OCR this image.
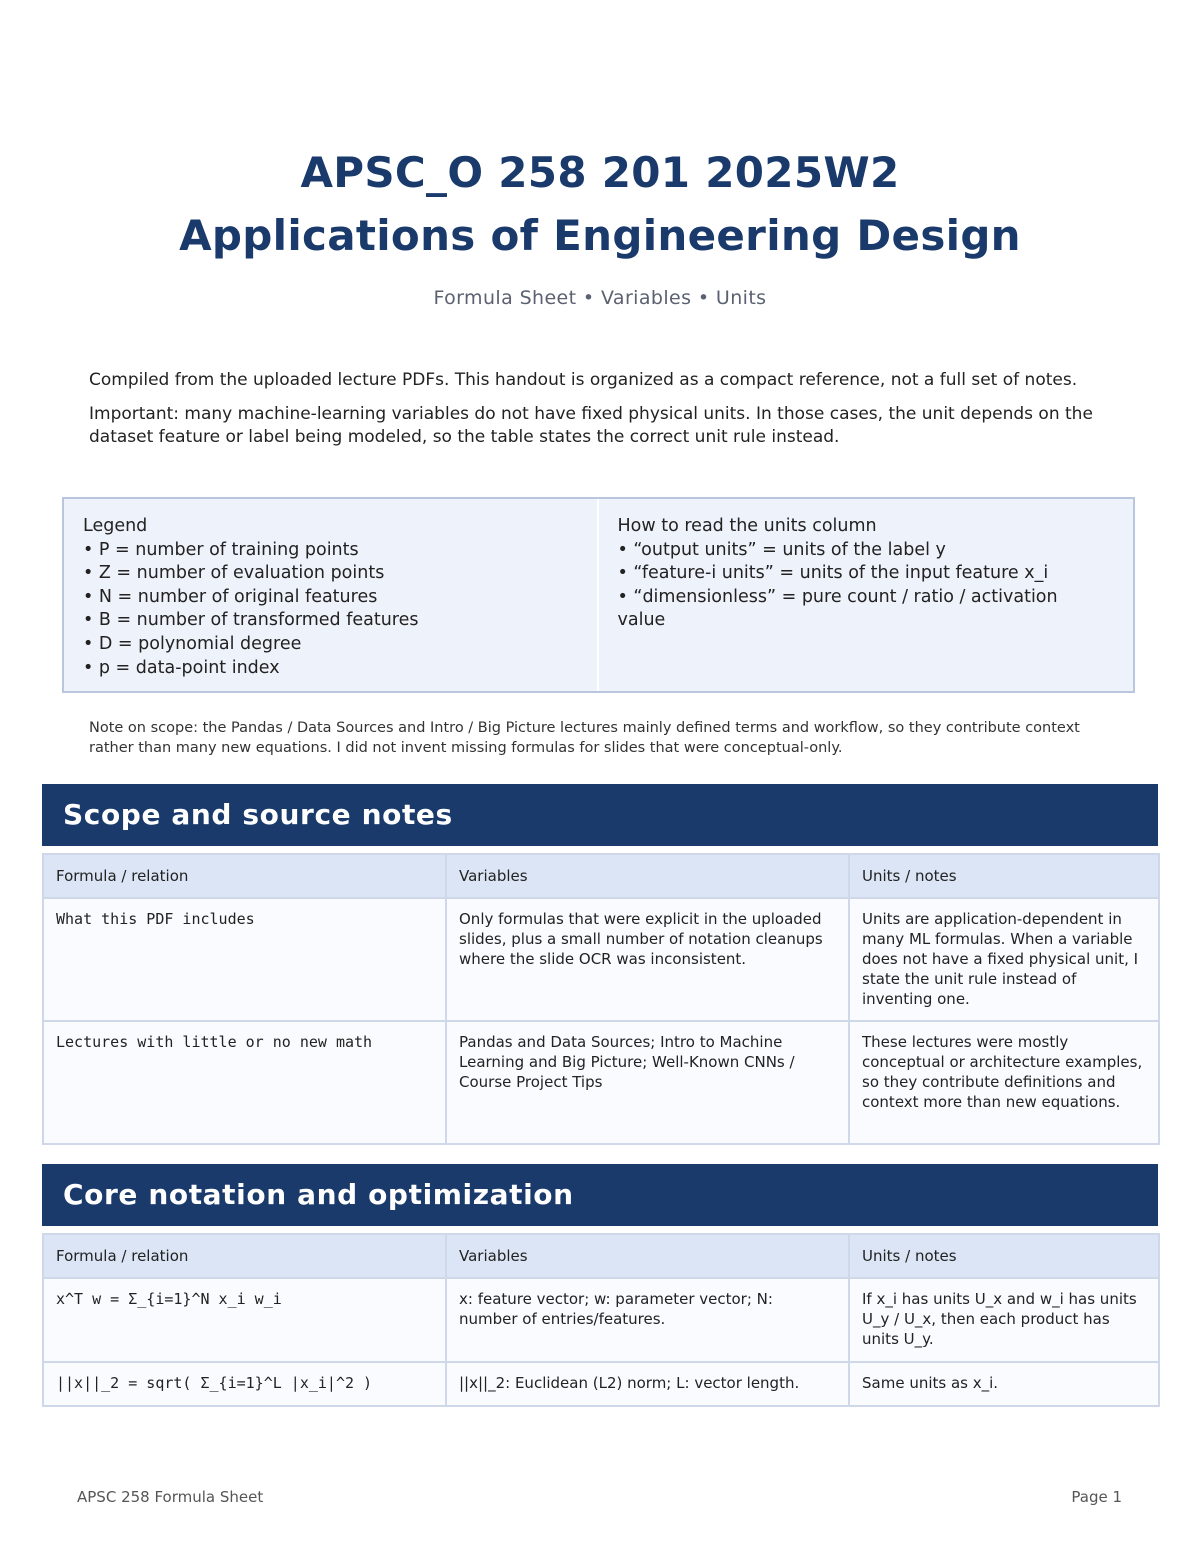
APSC_O 258 201 2025W2
Applications of Engineering Design
Formula Sheet • Variables • Units

Compiled from the uploaded lecture PDFs. This handout is organized as a compact reference, not a full set of notes.

Important: many machine-learning variables do not have fixed physical units. In those cases, the unit depends on the dataset feature or label being modeled, so the table states the correct unit rule instead.

Legend
• P = number of training points
• Z = number of evaluation points
• N = number of original features
• B = number of transformed features
• D = polynomial degree
• p = data-point index
How to read the units column
• “output units” = units of the label y
• “feature-i units” = units of the input feature x_i
• “dimensionless” = pure count / ratio / activation
value
Note on scope: the Pandas / Data Sources and Intro / Big Picture lectures mainly defined terms and workflow, so they contribute context rather than many new equations. I did not invent missing formulas for slides that were conceptual-only.
Scope and source notes
Formula / relation	Variables	Units / notes
What this PDF includes	Only formulas that were explicit in the uploaded slides, plus a small number of notation cleanups where the slide OCR was inconsistent.	Units are application-dependent in many ML formulas. When a variable does not have a fixed physical unit, I state the unit rule instead of inventing one.
Lectures with little or no new math	Pandas and Data Sources; Intro to Machine Learning and Big Picture; Well-Known CNNs / Course Project Tips	These lectures were mostly conceptual or architecture examples, so they contribute definitions and context more than new equations.
Core notation and optimization
Formula / relation	Variables	Units / notes
x^T w = Σ_{i=1}^N x_i w_i	x: feature vector; w: parameter vector; N: number of entries/features.	If x_i has units U_x and w_i has units U_y / U_x, then each product has units U_y.
||x||_2 = sqrt( Σ_{i=1}^L |x_i|^2 )	||x||_2: Euclidean (L2) norm; L: vector length.	Same units as x_i.
APSC 258 Formula Sheet	Page 1
